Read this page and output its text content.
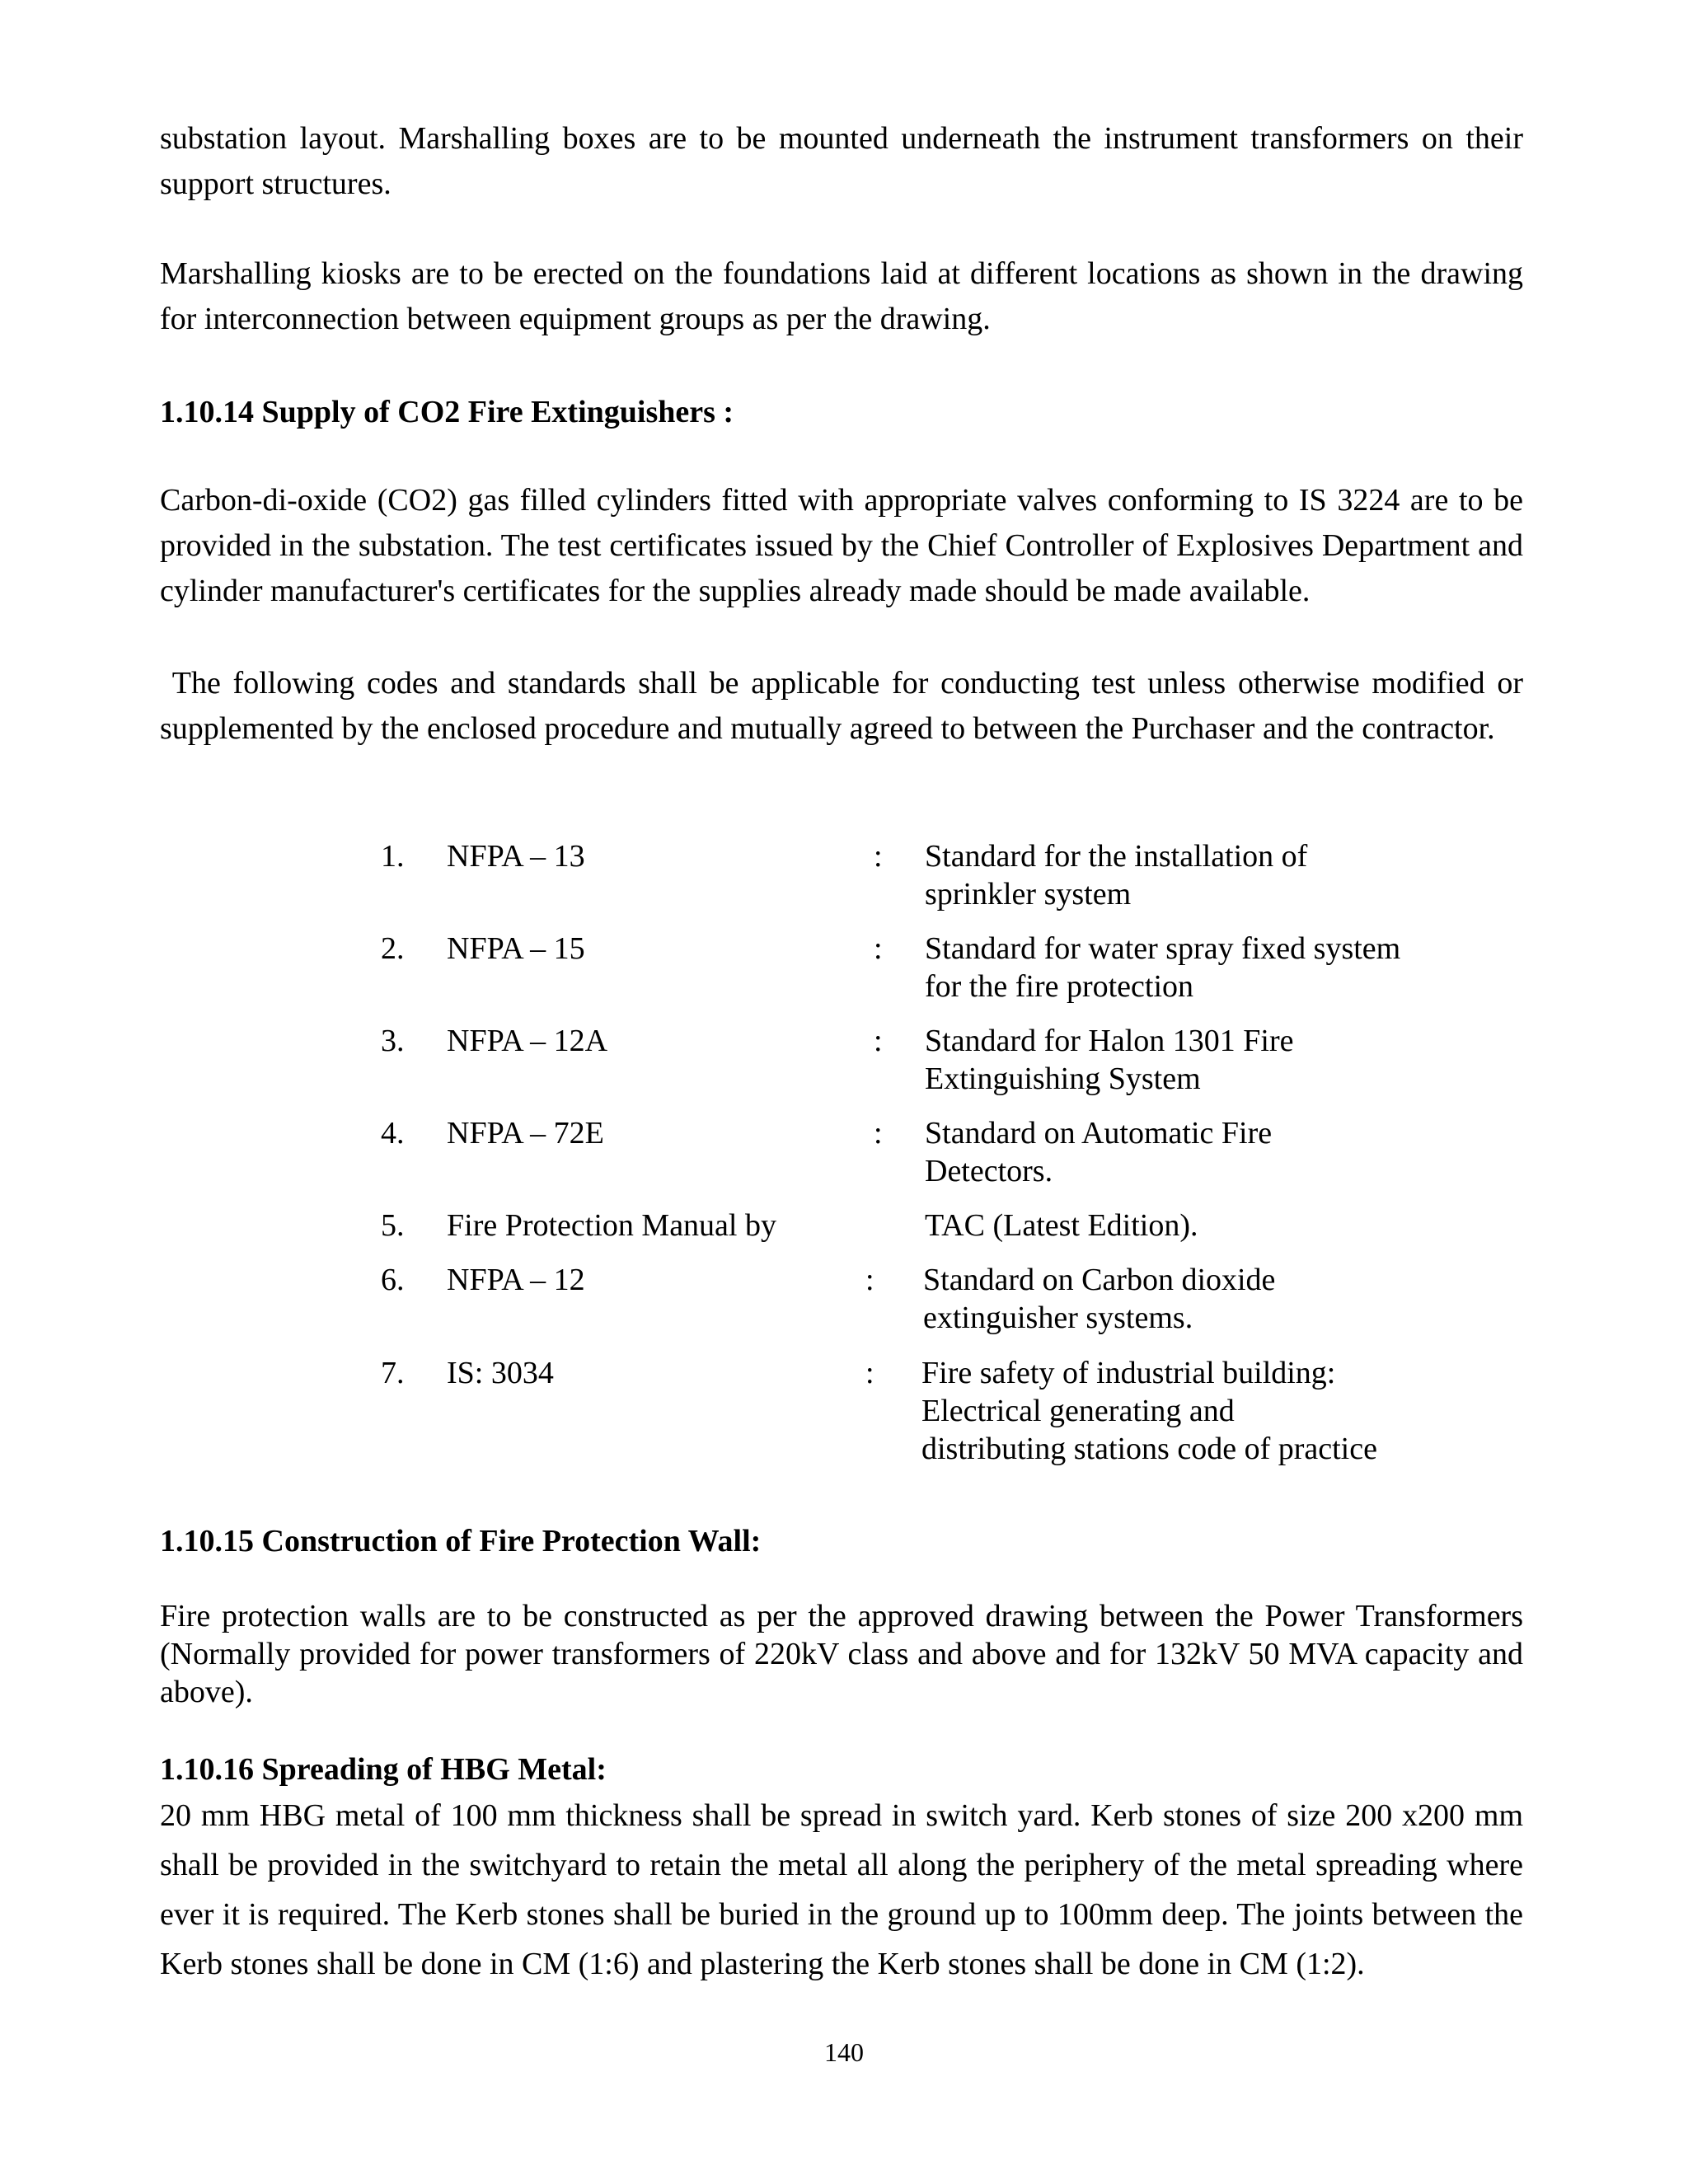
substation layout. Marshalling boxes are to be mounted underneath the instrument transformers on their support structures.

Marshalling kiosks are to be erected on the foundations laid at different locations as shown in the drawing for interconnection between equipment groups as per the drawing.

1.10.14 Supply of CO2 Fire Extinguishers :

Carbon-di-oxide (CO2) gas filled cylinders fitted with appropriate valves conforming to IS 3224 are to be provided in the substation. The test certificates issued by the Chief Controller of Explosives Department and cylinder manufacturer's certificates for the supplies already made should be made available.

The following codes and standards shall be applicable for conducting test unless otherwise modified or supplemented by the enclosed procedure and mutually agreed to between the Purchaser and the contractor.

1. NFPA – 13	: Standard for the installation of
sprinkler system
2. NFPA – 15	: Standard for water spray fixed system
for the fire protection
3. NFPA – 12A	: Standard for Halon 1301 Fire
Extinguishing System
4. NFPA – 72E	: Standard on Automatic Fire
Detectors.
5. Fire Protection Manual by	TAC (Latest Edition).
6. NFPA – 12	: Standard on Carbon dioxide
extinguisher systems.
7. IS: 3034	: Fire safety of industrial building:
Electrical generating and
distributing stations code of practice

1.10.15 Construction of Fire Protection Wall:

Fire protection walls are to be constructed as per the approved drawing between the Power Transformers (Normally provided for power transformers of 220kV class and above and for 132kV 50 MVA capacity and above).

1.10.16 Spreading of HBG Metal:

20 mm HBG metal of 100 mm thickness shall be spread in switch yard. Kerb stones of size 200 x200 mm shall be provided in the switchyard to retain the metal all along the periphery of the metal spreading where ever it is required. The Kerb stones shall be buried in the ground up to 100mm deep. The joints between the Kerb stones shall be done in CM (1:6) and plastering the Kerb stones shall be done in CM (1:2).

140
